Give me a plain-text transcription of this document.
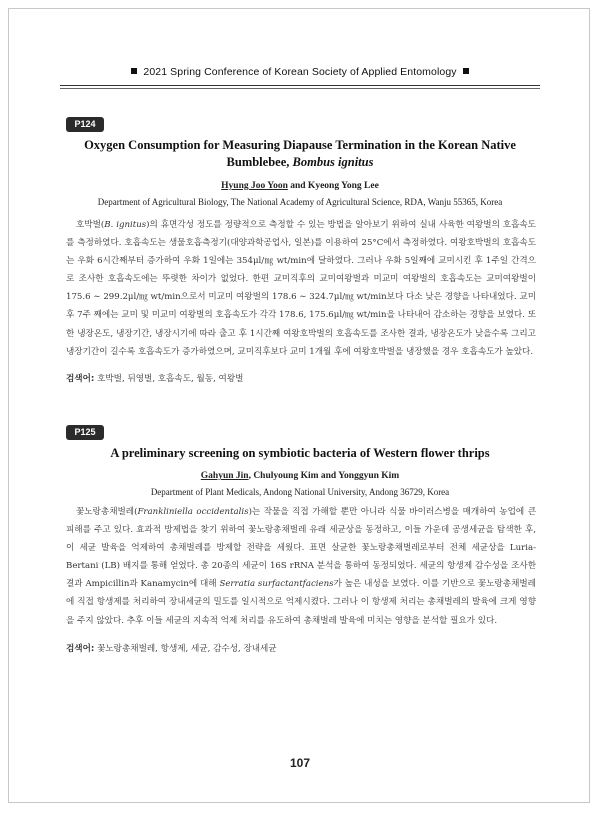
2021 Spring Conference of Korean Society of Applied Entomology
P124
Oxygen Consumption for Measuring Diapause Termination in the Korean Native
Bumblebee, Bombus ignitus
Hyung Joo Yoon and Kyeong Yong Lee
Department of Agricultural Biology, The National Academy of Agricultural Science, RDA, Wanju 55365, Korea

호박벌(B. ignitus)의 휴면각성 정도를 정량적으로 측정할 수 있는 방법을 알아보기 위하여 실내 사육한 여왕벌의 호흡속도를 측정하였다. 호흡속도는 생물호흡측정기(대양과학공업사, 일본)를 이용하여 25°C에서 측정하였다. 여왕호박벌의 호흡속도는 우화 6시간째부터 증가하여 우화 1일에는 354μl/㎎ wt/min에 달하였다. 그러나 우화 5일째에 교미시킨 후 1주일 간격으로 조사한 호흡속도에는 뚜렷한 차이가 없었다. 한편 교미직후의 교미여왕벌과 미교미 여왕벌의 호흡속도는 교미여왕벌이 175.6 ∼ 299.2μl/㎎ wt/min으로서 미교미 여왕벌의 178.6 ∼ 324.7μl/㎎ wt/min보다 다소 낮은 경향을 나타내었다. 교미 후 7주 째에는 교미 및 미교미 여왕벌의 호흡속도가 각각 178.6, 175.6μl/㎎ wt/min을 나타내어 감소하는 경향을 보였다. 또한 냉장온도, 냉장기간, 냉장시기에 따라 출고 후 1시간째 여왕호박벌의 호흡속도를 조사한 결과, 냉장온도가 낮을수록 그리고 냉장기간이 길수록 호흡속도가 증가하였으며, 교미직후보다 교미 1개월 후에 여왕호박벌을 냉장했을 경우 호흡속도가 높았다.

검색어: 호박벌, 뒤영벌, 호흡속도, 월동, 여왕벌
P125
A preliminary screening on symbiotic bacteria of Western flower thrips
Gahyun Jin, Chulyoung Kim and Yonggyun Kim
Department of Plant Medicals, Andong National University, Andong 36729, Korea

꽃노랑총채벌레(Frankliniella occidentalis)는 작물을 직접 가해할 뿐만 아니라 식물 바이러스병을 매개하여 농업에 큰 피해를 주고 있다. 효과적 방제법을 찾기 위하여 꽃노랑총채벌레 유래 세균상을 동정하고, 이들 가운데 공생세균을 탐색한 후, 이 세균 발육을 억제하여 총채벌레를 방제할 전략을 세웠다. 표면 살균한 꽃노랑총채벌레로부터 전체 세균상을 Luria-Bertani (LB) 배지를 통해 얻었다. 총 20종의 세균이 16S rRNA 분석을 통하여 동정되었다. 세균의 항생제 감수성을 조사한 결과 Ampicillin과 Kanamycin에 대해 Serratia surfactantfaciens가 높은 내성을 보였다. 이를 기반으로 꽃노랑총채벌레에 직접 항생제를 처리하여 장내세균의 밀도를 일시적으로 억제시켰다. 그러나 이 항생제 처리는 총채벌레의 발육에 크게 영향을 주지 않았다. 추후 이들 세균의 지속적 억제 처리를 유도하여 총채벌레 발육에 미치는 영향을 분석할 필요가 있다.

검색어: 꽃노랑총채벌레, 항생제, 세균, 감수성, 장내세균
107
